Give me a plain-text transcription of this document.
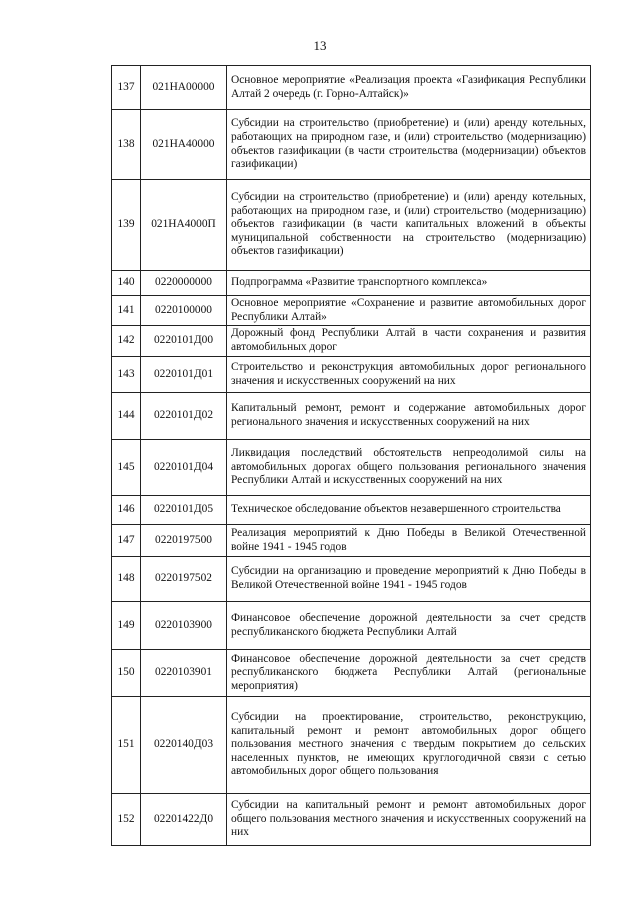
13
137	021НА00000	Основное мероприятие «Реализация проекта «Газификация Республики Алтай 2 очередь (г. Горно-Алтайск)»
138	021НА40000	Субсидии на строительство (приобретение) и (или) аренду котельных, работающих на природном газе, и (или) строительство (модернизацию) объектов газификации (в части строительства (модернизации) объектов газификации)
139	021НА4000П	Субсидии на строительство (приобретение) и (или) аренду котельных, работающих на природном газе, и (или) строительство (модернизацию) объектов газификации (в части капитальных вложений в объекты муниципальной собственности на строительство (модернизацию) объектов газификации)
140	0220000000	Подпрограмма «Развитие транспортного комплекса»
141	0220100000	Основное мероприятие «Сохранение и развитие автомобильных дорог Республики Алтай»
142	0220101Д00	Дорожный фонд Республики Алтай в части сохранения и развития автомобильных дорог
143	0220101Д01	Строительство и реконструкция автомобильных дорог регионального значения и искусственных сооружений на них
144	0220101Д02	Капитальный ремонт, ремонт и содержание автомобильных дорог регионального значения и искусственных сооружений на них
145	0220101Д04	Ликвидация последствий обстоятельств непреодолимой силы на автомобильных дорогах общего пользования регионального значения Республики Алтай и искусственных сооружений на них
146	0220101Д05	Техническое обследование объектов незавершенного строительства
147	0220197500	Реализация мероприятий к Дню Победы в Великой Отечественной войне 1941 - 1945 годов
148	0220197502	Субсидии на организацию и проведение мероприятий к Дню Победы в Великой Отечественной войне 1941 - 1945 годов
149	0220103900	Финансовое обеспечение дорожной деятельности за счет средств республиканского бюджета Республики Алтай
150	0220103901	Финансовое обеспечение дорожной деятельности за счет средств республиканского бюджета Республики Алтай (региональные мероприятия)
151	0220140Д03	Субсидии на проектирование, строительство, реконструкцию, капитальный ремонт и ремонт автомобильных дорог общего пользования местного значения с твердым покрытием до сельских населенных пунктов, не имеющих круглогодичной связи с сетью автомобильных дорог общего пользования
152	02201422Д0	Субсидии на капитальный ремонт и ремонт автомобильных дорог общего пользования местного значения и искусственных сооружений на них
